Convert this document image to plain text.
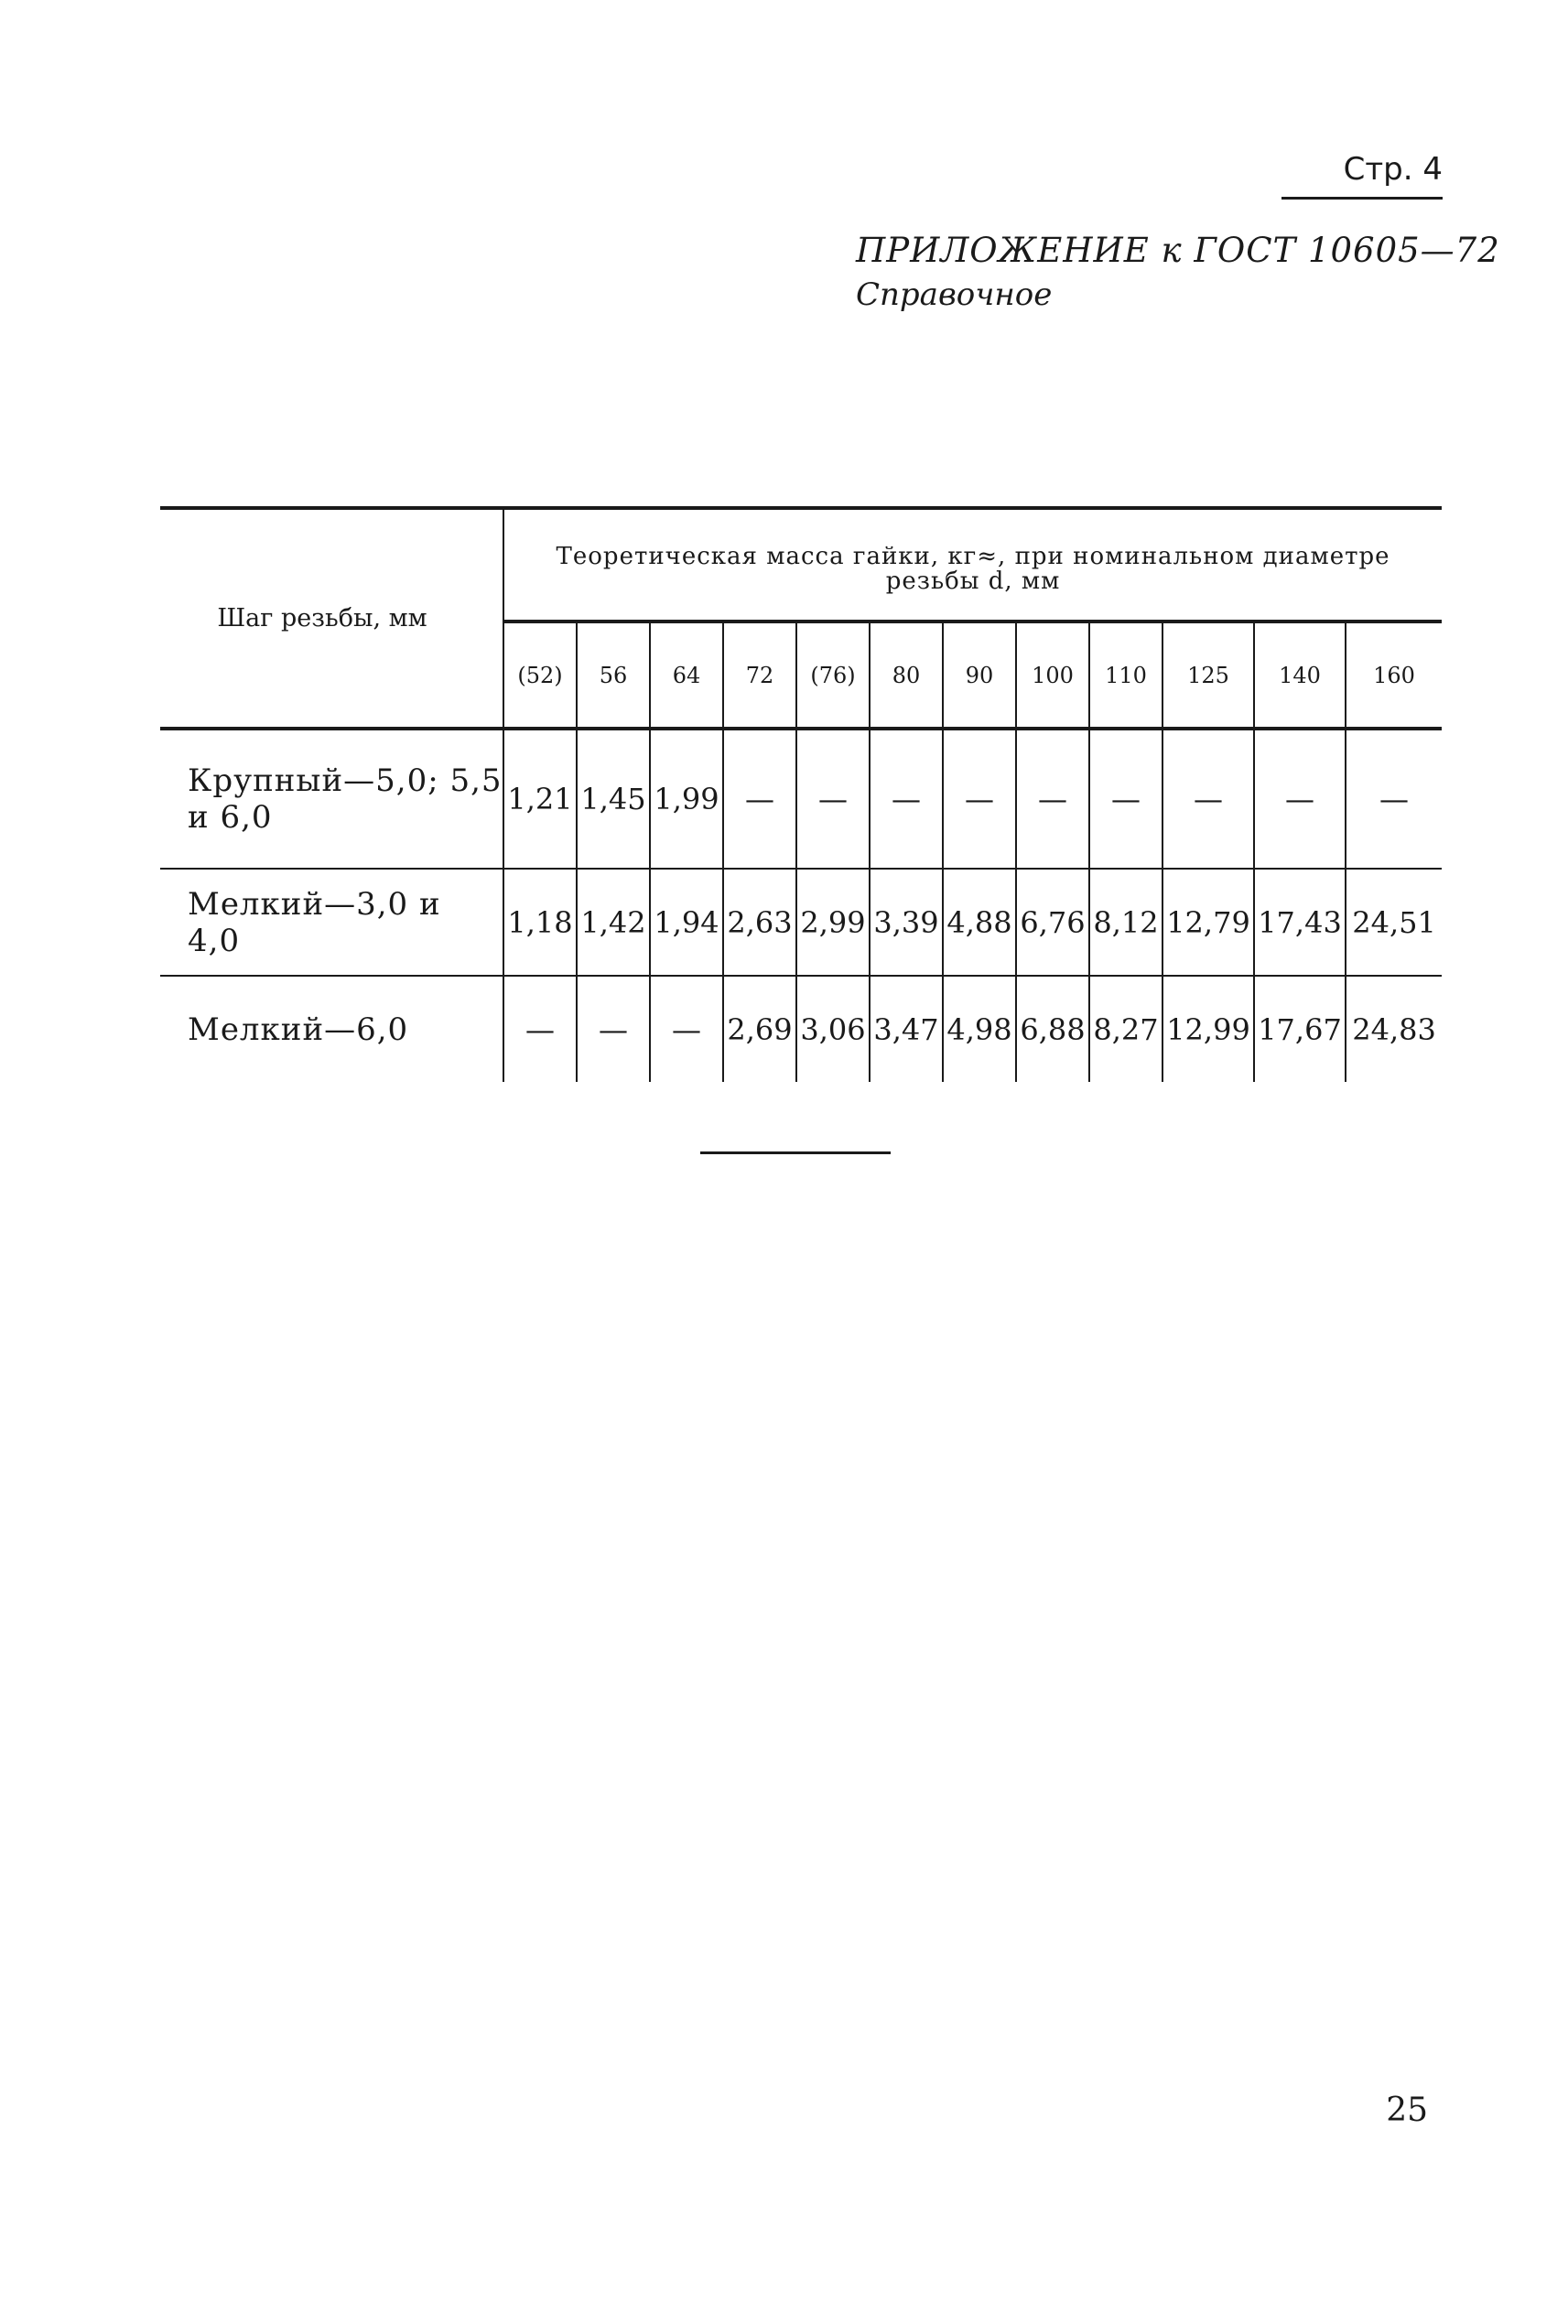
Стр. 4
ПРИЛОЖЕНИЕ к ГОСТ 10605—72
Справочное
Шаг резьбы, мм	Теоретическая масса гайки, кг≈, при номинальном диаметре резьбы d, мм											
	(52)	56	64	72	(76)	80	90	100	110	125	140	160
Крупный—5,0; 5,5 и 6,0	1,21	1,45	1,99	—	—	—	—	—	—	—	—	—
Мелкий—3,0 и 4,0	1,18	1,42	1,94	2,63	2,99	3,39	4,88	6,76	8,12	12,79	17,43	24,51
Мелкий—6,0	—	—	—	2,69	3,06	3,47	4,98	6,88	8,27	12,99	17,67	24,83
25
